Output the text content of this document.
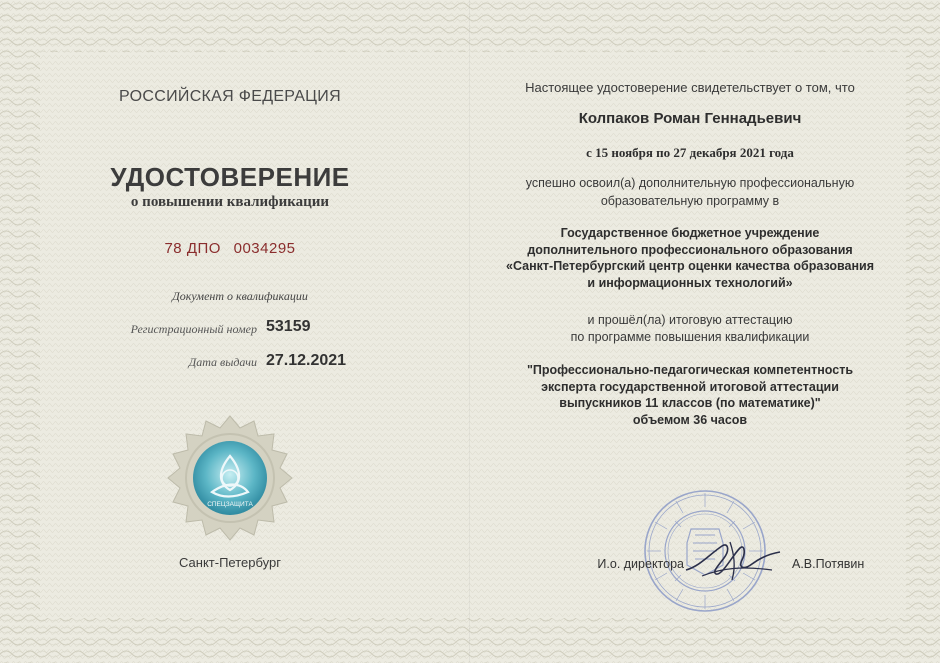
РОССИЙСКАЯ ФЕДЕРАЦИЯ
УДОСТОВЕРЕНИЕ
о повышении квалификации
78 ДПО 0034295
Документ о квалификации
Регистрационный номер 53159
Дата выдачи 27.12.2021
СПЕЦЗАЩИТА
Санкт-Петербург
Настоящее удостоверение свидетельствует о том, что
Колпаков Роман Геннадьевич
с 15 ноября по 27 декабря 2021 года
успешно освоил(а) дополнительную профессиональную
образовательную программу в
Государственное бюджетное учреждение
дополнительного профессионального образования
«Санкт-Петербургский центр оценки качества образования
и информационных технологий»
и прошёл(ла) итоговую аттестацию
по программе повышения квалификации
"Профессионально-педагогическая компетентность
эксперта государственной итоговой аттестации
выпускников 11 классов (по математике)"
объемом 36 часов
И.о. директора	А.В.Потявин
